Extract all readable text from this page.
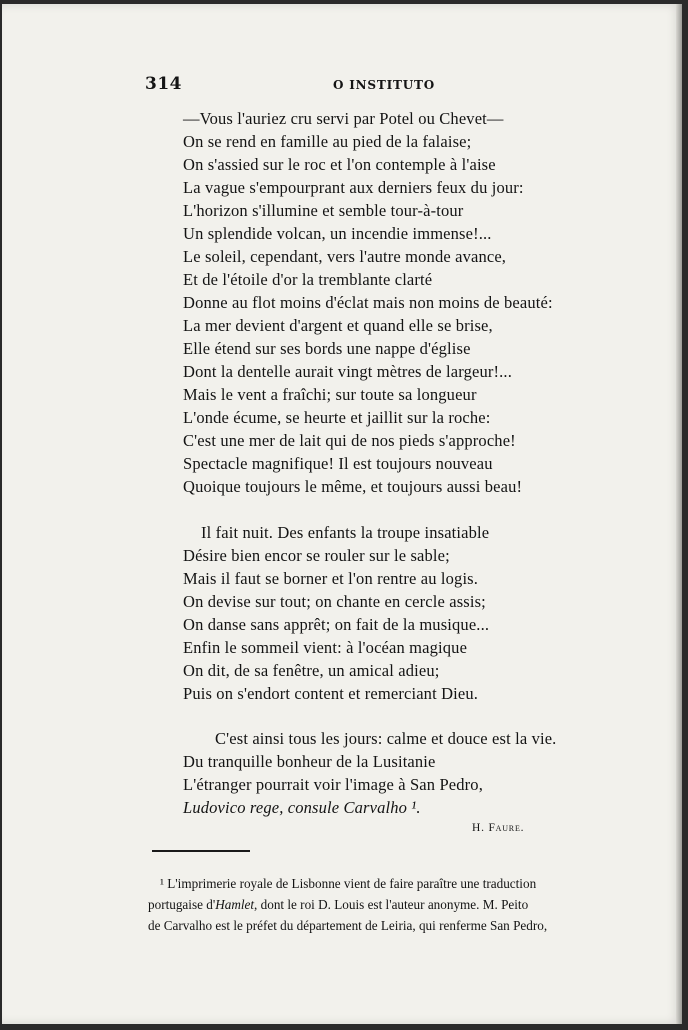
314	O INSTITUTO
—Vous l'auriez cru servi par Potel ou Chevet—
On se rend en famille au pied de la falaise;
On s'assied sur le roc et l'on contemple à l'aise
La vague s'empourprant aux derniers feux du jour:
L'horizon s'illumine et semble tour-à-tour
Un splendide volcan, un incendie immense!...
Le soleil, cependant, vers l'autre monde avance,
Et de l'étoile d'or la tremblante clarté
Donne au flot moins d'éclat mais non moins de beauté:
La mer devient d'argent et quand elle se brise,
Elle étend sur ses bords une nappe d'église
Dont la dentelle aurait vingt mètres de largeur!...
Mais le vent a fraîchi; sur toute sa longueur
L'onde écume, se heurte et jaillit sur la roche:
C'est une mer de lait qui de nos pieds s'approche!
Spectacle magnifique! Il est toujours nouveau
Quoique toujours le même, et toujours aussi beau!
Il fait nuit. Des enfants la troupe insatiable
Désire bien encor se rouler sur le sable;
Mais il faut se borner et l'on rentre au logis.
On devise sur tout; on chante en cercle assis;
On danse sans apprêt; on fait de la musique...
Enfin le sommeil vient: à l'océan magique
On dit, de sa fenêtre, un amical adieu;
Puis on s'endort content et remerciant Dieu.
C'est ainsi tous les jours: calme et douce est la vie.
Du tranquille bonheur de la Lusitanie
L'étranger pourrait voir l'image à San Pedro,
Ludovico rege, consule Carvalho ¹.
H. Faure.
¹ L'imprimerie royale de Lisbonne vient de faire paraître une traduction
portugaise d'Hamlet, dont le roi D. Louis est l'auteur anonyme. M. Peito
de Carvalho est le préfet du département de Leiria, qui renferme San Pedro,
